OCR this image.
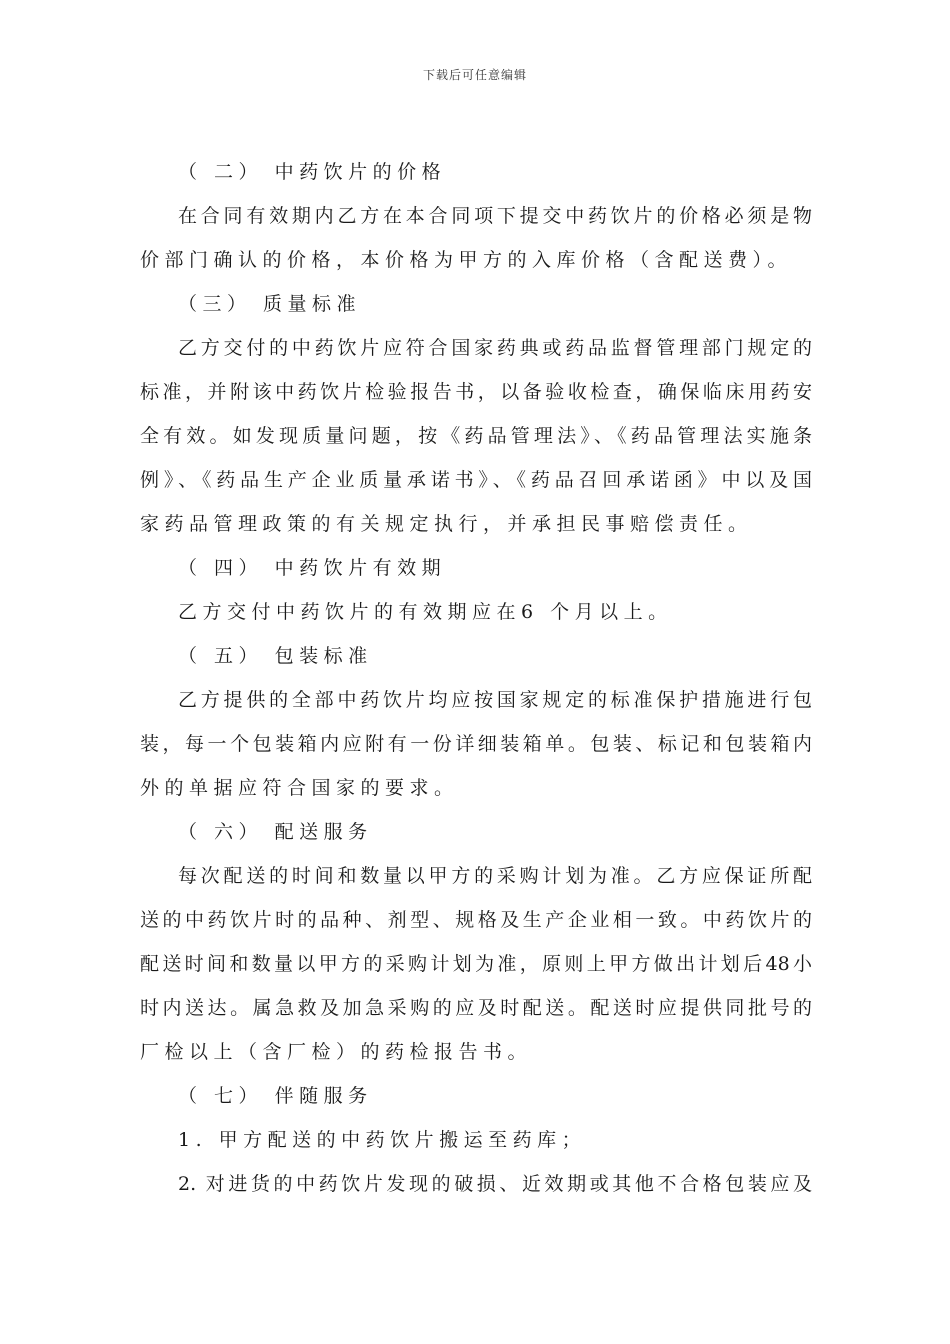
下载后可任意编辑
（ 二） 中药饮片的价格
在合同有效期内乙方在本合同项下提交中药饮片的价格必须是物
价部门确认的价格，本价格为甲方的入库价格（含配送费）。
（三） 质量标准
乙方交付的中药饮片应符合国家药典或药品监督管理部门规定的
标准，并附该中药饮片检验报告书，以备验收检查，确保临床用药安
全有效。如发现质量问题，按《药品管理法》、《药品管理法实施条
例》、《药品生产企业质量承诺书》、《药品召回承诺函》中以及国
家药品管理政策的有关规定执行，并承担民事赔偿责任。
（ 四） 中药饮片有效期
乙方交付中药饮片的有效期应在6 个月以上。
（ 五） 包装标准
乙方提供的全部中药饮片均应按国家规定的标准保护措施进行包
装，每一个包装箱内应附有一份详细装箱单。包装、标记和包装箱内
外的单据应符合国家的要求。
（ 六） 配送服务
每次配送的时间和数量以甲方的采购计划为准。乙方应保证所配
送的中药饮片时的品种、剂型、规格及生产企业相一致。中药饮片的
配送时间和数量以甲方的采购计划为准，原则上甲方做出计划后48小
时内送达。属急救及加急采购的应及时配送。配送时应提供同批号的
厂检以上（含厂检）的药检报告书。
（ 七） 伴随服务
1. 甲方配送的中药饮片搬运至药库；
2. 对进货的中药饮片发现的破损、近效期或其他不合格包装应及
